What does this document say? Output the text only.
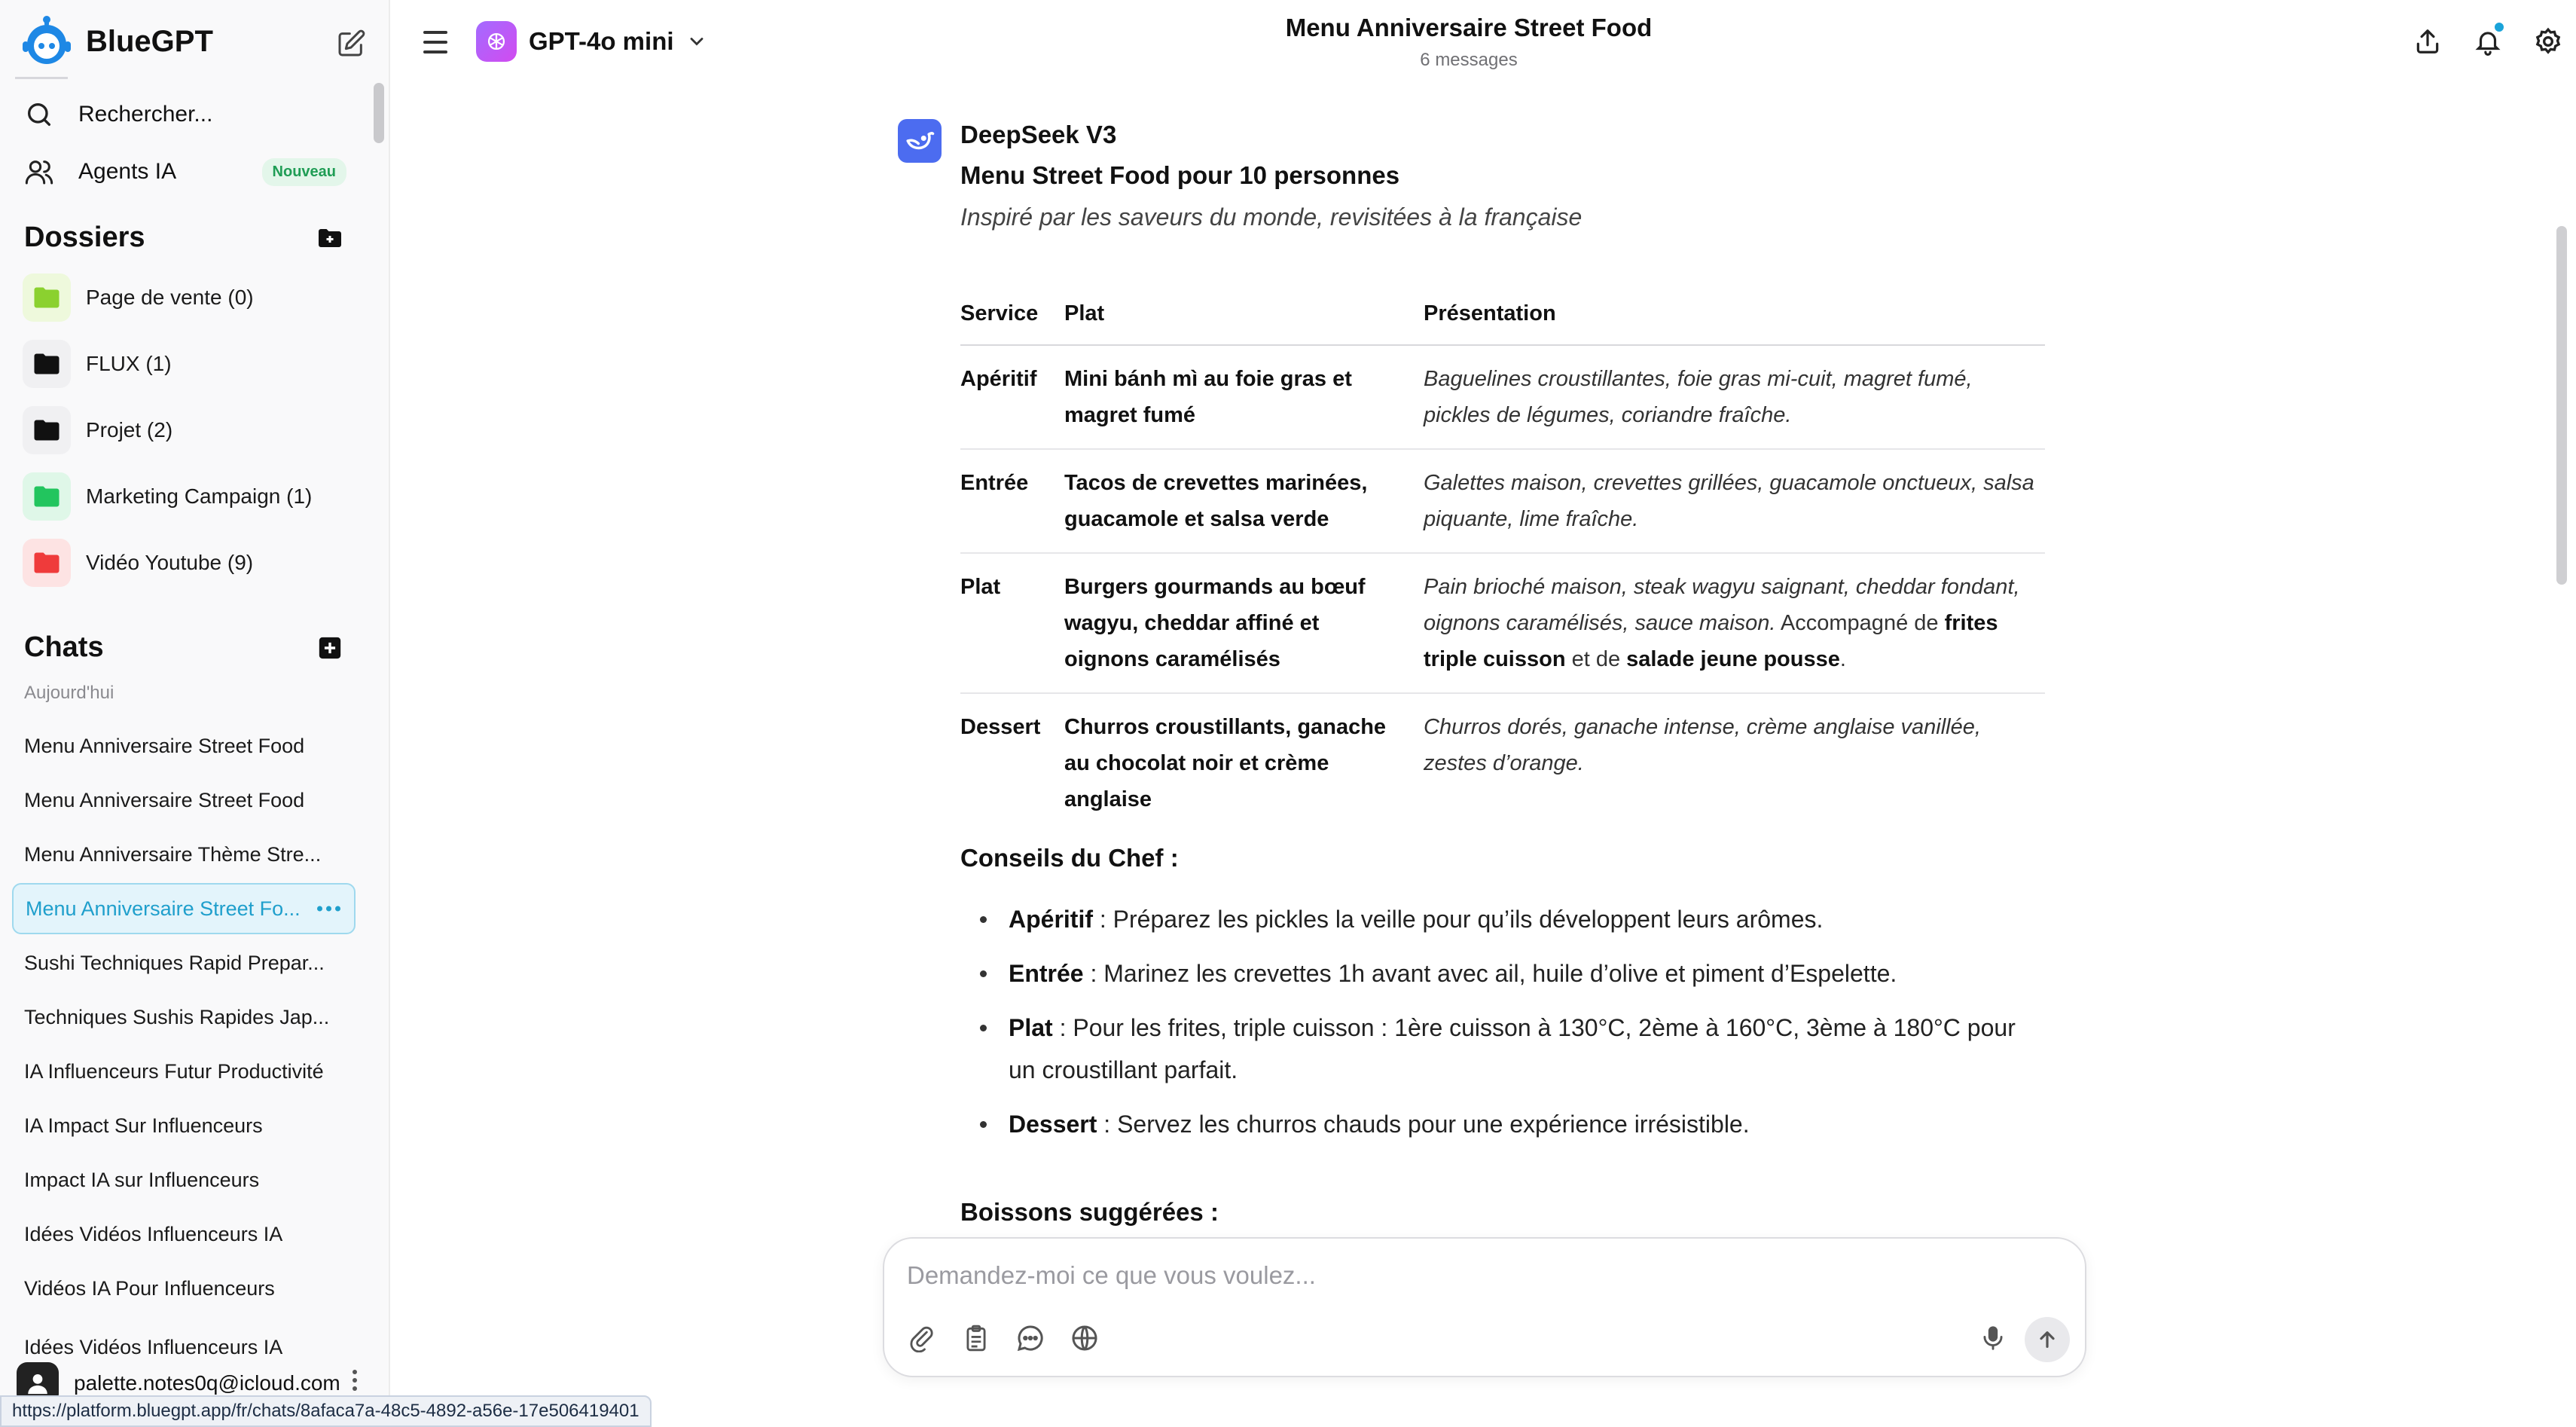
BlueGPT
Rechercher...
Agents IA	Nouveau
Dossiers
Page de vente (0)
FLUX (1)
Projet (2)
Marketing Campaign (1)
Vidéo Youtube (9)
Chats
Aujourd'hui
Menu Anniversaire Street Food
Menu Anniversaire Street Food
Menu Anniversaire Thème Stre...
Menu Anniversaire Street Fo...
Sushi Techniques Rapid Prepar...
Techniques Sushis Rapides Jap...
IA Influenceurs Futur Productivité
IA Impact Sur Influenceurs
Impact IA sur Influenceurs
Idées Vidéos Influenceurs IA
Vidéos IA Pour Influenceurs
Idées Vidéos Influenceurs IA
palette.notes0q@icloud.com
https://platform.bluegpt.app/fr/chats/8afaca7a-48c5-4892-a56e-17e506419401
GPT-4o mini	Menu Anniversaire Street Food
6 messages
DeepSeek V3
Menu Street Food pour 10 personnes
Inspiré par les saveurs du monde, revisitées à la française
Service	Plat	Présentation
Apéritif	Mini bánh mì au foie gras et magret fumé	Baguelines croustillantes, foie gras mi-cuit, magret fumé, pickles de légumes, coriandre fraîche.
Entrée	Tacos de crevettes marinées, guacamole et salsa verde	Galettes maison, crevettes grillées, guacamole onctueux, salsa piquante, lime fraîche.
Plat	Burgers gourmands au bœuf wagyu, cheddar affiné et oignons caramélisés	Pain brioché maison, steak wagyu saignant, cheddar fondant, oignons caramélisés, sauce maison. Accompagné de frites triple cuisson et de salade jeune pousse.
Dessert	Churros croustillants, ganache au chocolat noir et crème anglaise	Churros dorés, ganache intense, crème anglaise vanillée, zestes d’orange.
Conseils du Chef :
Apéritif : Préparez les pickles la veille pour qu’ils développent leurs arômes.
Entrée : Marinez les crevettes 1h avant avec ail, huile d’olive et piment d’Espelette.
Plat : Pour les frites, triple cuisson : 1ère cuisson à 130°C, 2ème à 160°C, 3ème à 180°C pour un croustillant parfait.
Dessert : Servez les churros chauds pour une expérience irrésistible.
Boissons suggérées :
Demandez-moi ce que vous voulez...
